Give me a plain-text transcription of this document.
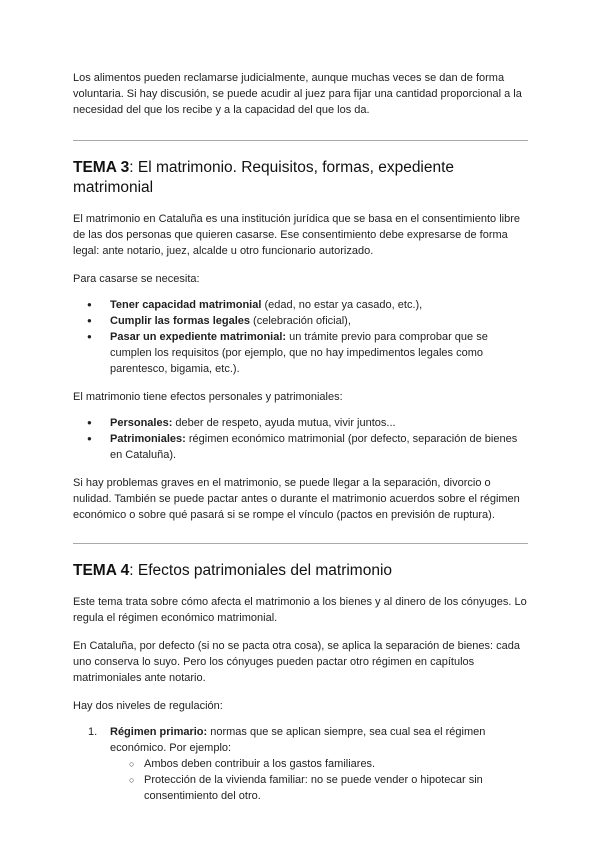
Los alimentos pueden reclamarse judicialmente, aunque muchas veces se dan de forma voluntaria. Si hay discusión, se puede acudir al juez para fijar una cantidad proporcional a la necesidad del que los recibe y a la capacidad del que los da.

TEMA 3: El matrimonio. Requisitos, formas, expediente matrimonial

El matrimonio en Cataluña es una institución jurídica que se basa en el consentimiento libre de las dos personas que quieren casarse. Ese consentimiento debe expresarse de forma legal: ante notario, juez, alcalde u otro funcionario autorizado.

Para casarse se necesita:

● Tener capacidad matrimonial (edad, no estar ya casado, etc.),
● Cumplir las formas legales (celebración oficial),
● Pasar un expediente matrimonial: un trámite previo para comprobar que se cumplen los requisitos (por ejemplo, que no hay impedimentos legales como parentesco, bigamia, etc.).

El matrimonio tiene efectos personales y patrimoniales:

● Personales: deber de respeto, ayuda mutua, vivir juntos...
● Patrimoniales: régimen económico matrimonial (por defecto, separación de bienes en Cataluña).

Si hay problemas graves en el matrimonio, se puede llegar a la separación, divorcio o nulidad. También se puede pactar antes o durante el matrimonio acuerdos sobre el régimen económico o sobre qué pasará si se rompe el vínculo (pactos en previsión de ruptura).

TEMA 4: Efectos patrimoniales del matrimonio

Este tema trata sobre cómo afecta el matrimonio a los bienes y al dinero de los cónyuges. Lo regula el régimen económico matrimonial.

En Cataluña, por defecto (si no se pacta otra cosa), se aplica la separación de bienes: cada uno conserva lo suyo. Pero los cónyuges pueden pactar otro régimen en capítulos matrimoniales ante notario.

Hay dos niveles de regulación:

1. Régimen primario: normas que se aplican siempre, sea cual sea el régimen económico. Por ejemplo:
○ Ambos deben contribuir a los gastos familiares.
○ Protección de la vivienda familiar: no se puede vender o hipotecar sin consentimiento del otro.
